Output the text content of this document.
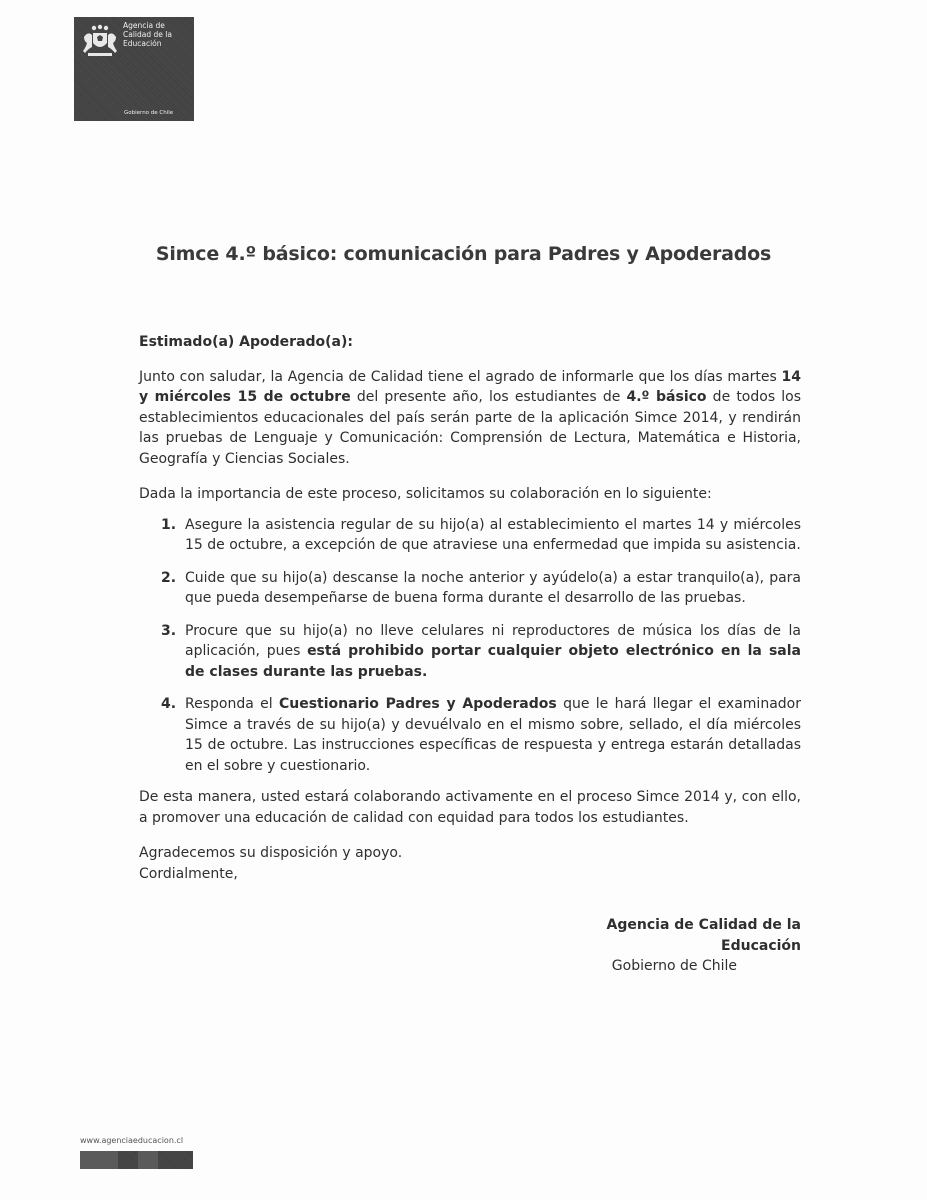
Agencia de
Calidad de la
Educación
Gobierno de Chile
Simce 4.º básico: comunicación para Padres y Apoderados
Estimado(a) Apoderado(a):

Junto con saludar, la Agencia de Calidad tiene el agrado de informarle que los días martes 14 y miércoles 15 de octubre del presente año, los estudiantes de 4.º básico de todos los establecimientos educacionales del país serán parte de la aplicación Simce 2014, y rendirán las pruebas de Lenguaje y Comunicación: Comprensión de Lectura, Matemática e Historia, Geografía y Ciencias Sociales.

Dada la importancia de este proceso, solicitamos su colaboración en lo siguiente:

1. Asegure la asistencia regular de su hijo(a) al establecimiento el martes 14 y miércoles 15 de octubre, a excepción de que atraviese una enfermedad que impida su asistencia.
2. Cuide que su hijo(a) descanse la noche anterior y ayúdelo(a) a estar tranquilo(a), para que pueda desempeñarse de buena forma durante el desarrollo de las pruebas.
3. Procure que su hijo(a) no lleve celulares ni reproductores de música los días de la aplicación, pues está prohibido portar cualquier objeto electrónico en la sala de clases durante las pruebas.
4. Responda el Cuestionario Padres y Apoderados que le hará llegar el examinador Simce a través de su hijo(a) y devuélvalo en el mismo sobre, sellado, el día miércoles 15 de octubre. Las instrucciones específicas de respuesta y entrega estarán detalladas en el sobre y cuestionario.

De esta manera, usted estará colaborando activamente en el proceso Simce 2014 y, con ello, a promover una educación de calidad con equidad para todos los estudiantes.

Agradecemos su disposición y apoyo.

Cordialmente,

Agencia de Calidad de la Educación
Gobierno de Chile
www.agenciaeducacion.cl
